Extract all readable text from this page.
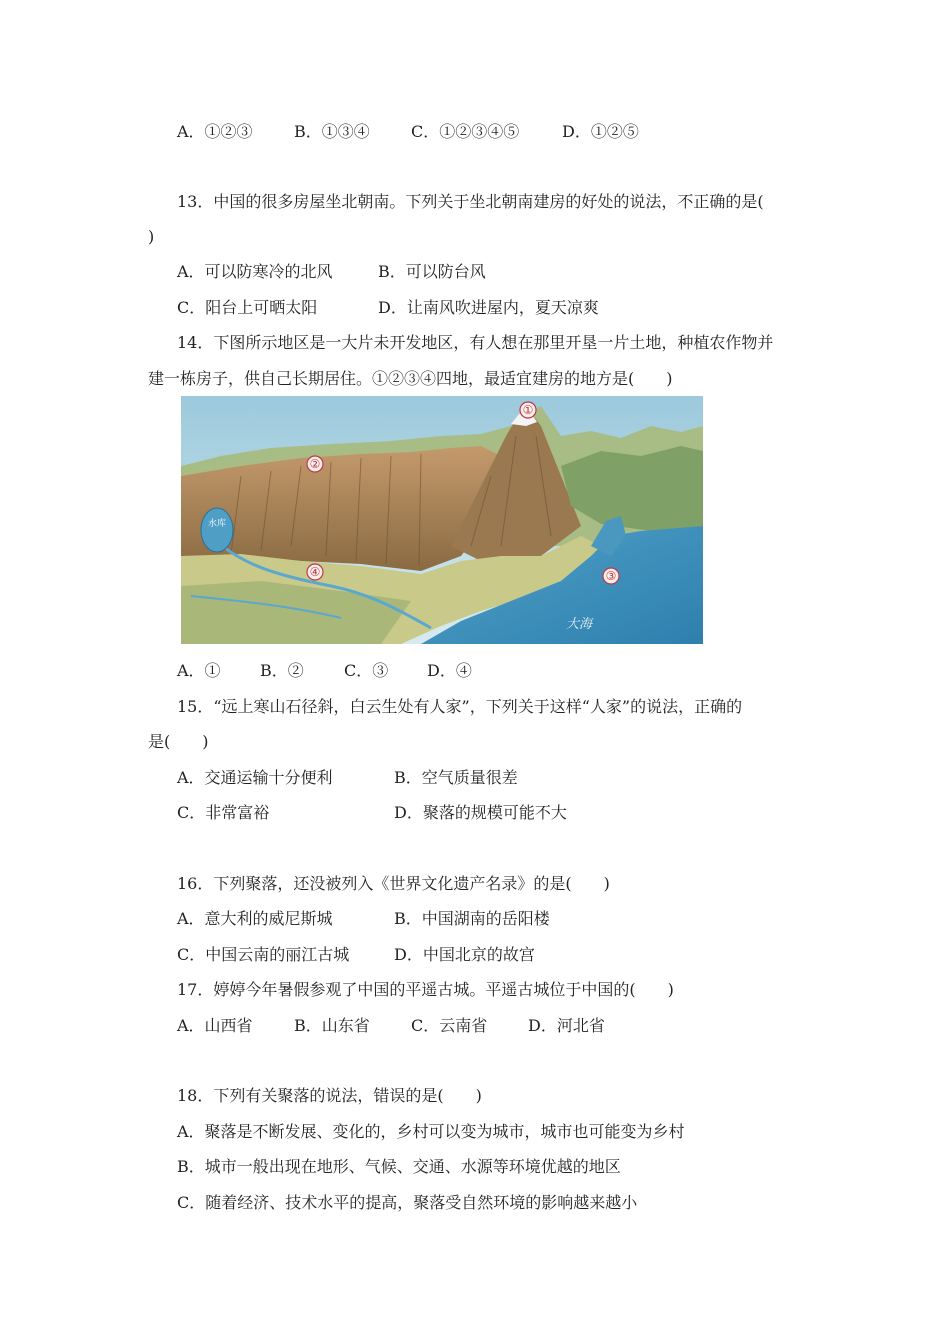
A．①②③	B．①③④	C．①②③④⑤	D．①②⑤
13．中国的很多房屋坐北朝南。下列关于坐北朝南建房的好处的说法，不正确的是(
)
A．可以防寒冷的北风	B．可以防台风
C．阳台上可晒太阳	D．让南风吹进屋内，夏天凉爽
14．下图所示地区是一大片未开发地区，有人想在那里开垦一片土地，种植农作物并
建一栋房子，供自己长期居住。①②③④四地，最适宜建房的地方是(　　)
水库
①
②
③
④
大海
A．① B．②	C．③ D．④
15．“远上寒山石径斜，白云生处有人家”，下列关于这样“人家”的说法，正确的
是(　　)
A．交通运输十分便利	B．空气质量很差
C．非常富裕	D．聚落的规模可能不大
16．下列聚落，还没被列入《世界文化遗产名录》的是(　　)
A．意大利的威尼斯城	B．中国湖南的岳阳楼
C．中国云南的丽江古城	D．中国北京的故宫
17．婷婷今年暑假参观了中国的平遥古城。平遥古城位于中国的(　　)
A．山西省	B．山东省	C．云南省	D．河北省
18．下列有关聚落的说法，错误的是(　　)
A．聚落是不断发展、变化的，乡村可以变为城市，城市也可能变为乡村
B．城市一般出现在地形、气候、交通、水源等环境优越的地区
C．随着经济、技术水平的提高，聚落受自然环境的影响越来越小
